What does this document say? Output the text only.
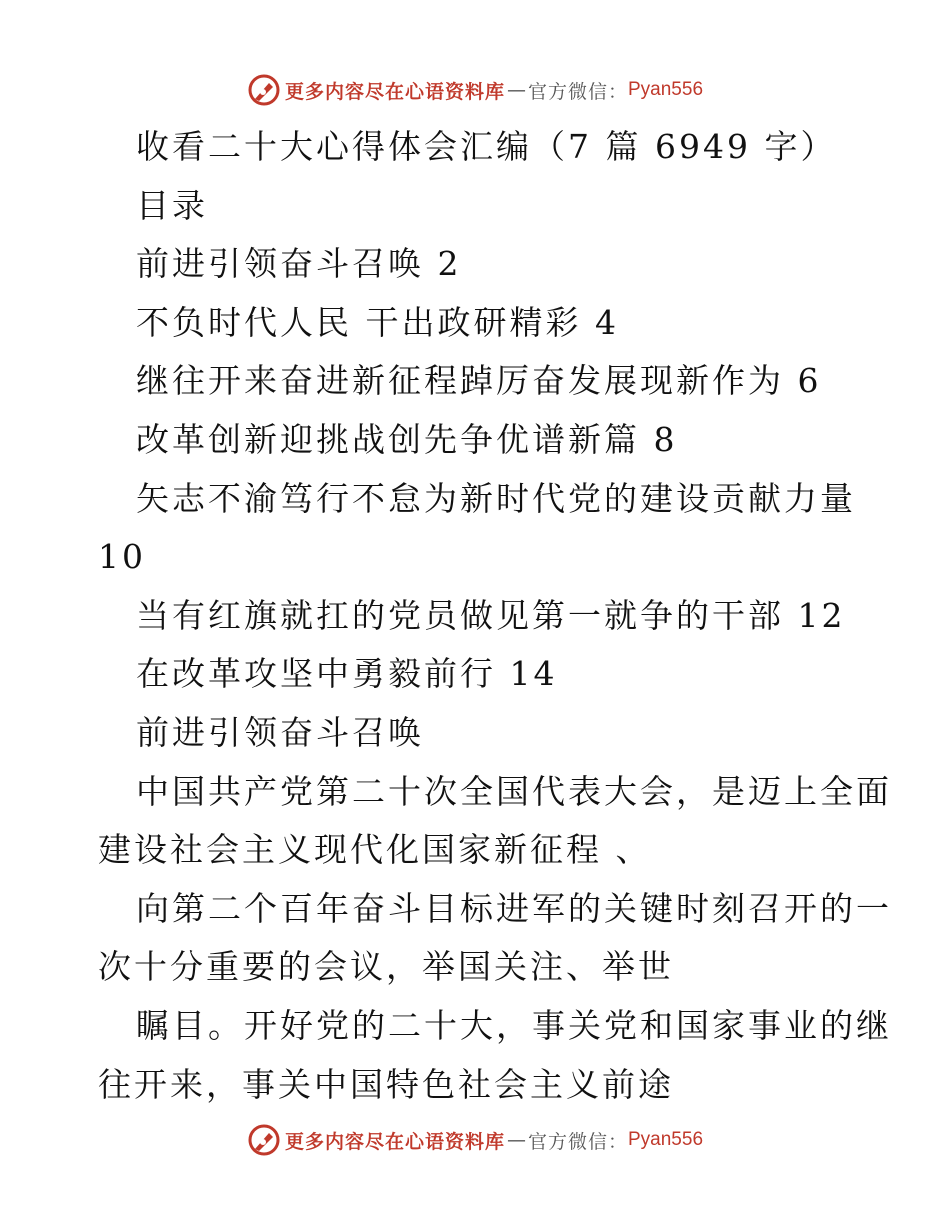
更多内容尽在心语资料库 — 官方微信： Pyan556
收看二十大心得体会汇编（7 篇 6949 字）
目录
前进引领奋斗召唤 2
不负时代人民 干出政研精彩 4
继往开来奋进新征程踔厉奋发展现新作为 6
改革创新迎挑战创先争优谱新篇 8
矢志不渝笃行不怠为新时代党的建设贡献力量
10
当有红旗就扛的党员做见第一就争的干部 12
在改革攻坚中勇毅前行 14
前进引领奋斗召唤
中国共产党第二十次全国代表大会，是迈上全面
建设社会主义现代化国家新征程 、
向第二个百年奋斗目标进军的关键时刻召开的一
次十分重要的会议，举国关注、举世
瞩目。开好党的二十大，事关党和国家事业的继
往开来，事关中国特色社会主义前途
更多内容尽在心语资料库 — 官方微信： Pyan556
